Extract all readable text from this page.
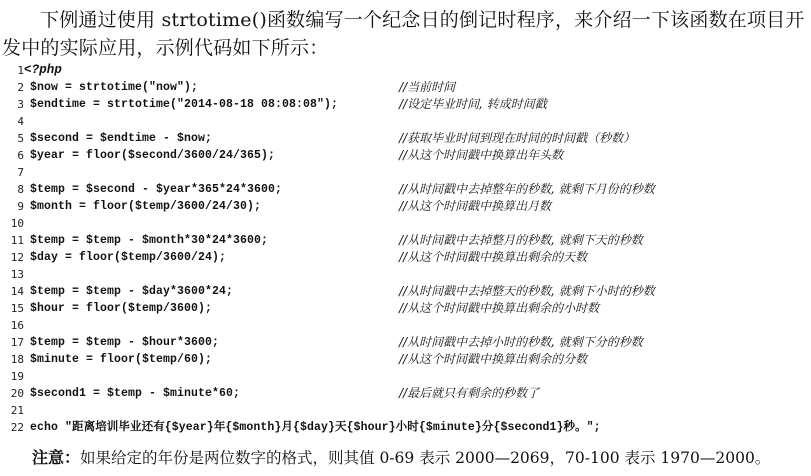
下例通过使用 strtotime()函数编写一个纪念日的倒记时程序，来介绍一下该函数在项目开发中的实际应用，示例代码如下所示：

1 <?php
2 $now = strtotime("now");	//当前时间
3 $endtime = strtotime("2014-08-18 08:08:08");	//设定毕业时间, 转成时间戳
4
5 $second = $endtime - $now;	//获取毕业时间到现在时间的时间戳（秒数）
6 $year = floor($second/3600/24/365);	//从这个时间戳中换算出年头数
7
8 $temp = $second - $year*365*24*3600;	//从时间戳中去掉整年的秒数, 就剩下月份的秒数
9 $month = floor($temp/3600/24/30);	//从这个时间戳中换算出月数
10
11 $temp = $temp - $month*30*24*3600;	//从时间戳中去掉整月的秒数, 就剩下天的秒数
12 $day = floor($temp/3600/24);	//从这个时间戳中换算出剩余的天数
13
14 $temp = $temp - $day*3600*24;	//从时间戳中去掉整天的秒数, 就剩下小时的秒数
15 $hour = floor($temp/3600);	//从这个时间戳中换算出剩余的小时数
16
17 $temp = $temp - $hour*3600;	//从时间戳中去掉小时的秒数, 就剩下分的秒数
18 $minute = floor($temp/60);	//从这个时间戳中换算出剩余的分数
19
20 $second1 = $temp - $minute*60;	//最后就只有剩余的秒数了
21
22 echo "距离培训毕业还有{$year}年{$month}月{$day}天{$hour}小时{$minute}分{$second1}秒。";

注意：如果给定的年份是两位数字的格式，则其值 0-69 表示 2000—2069，70-100 表示 1970—2000。
